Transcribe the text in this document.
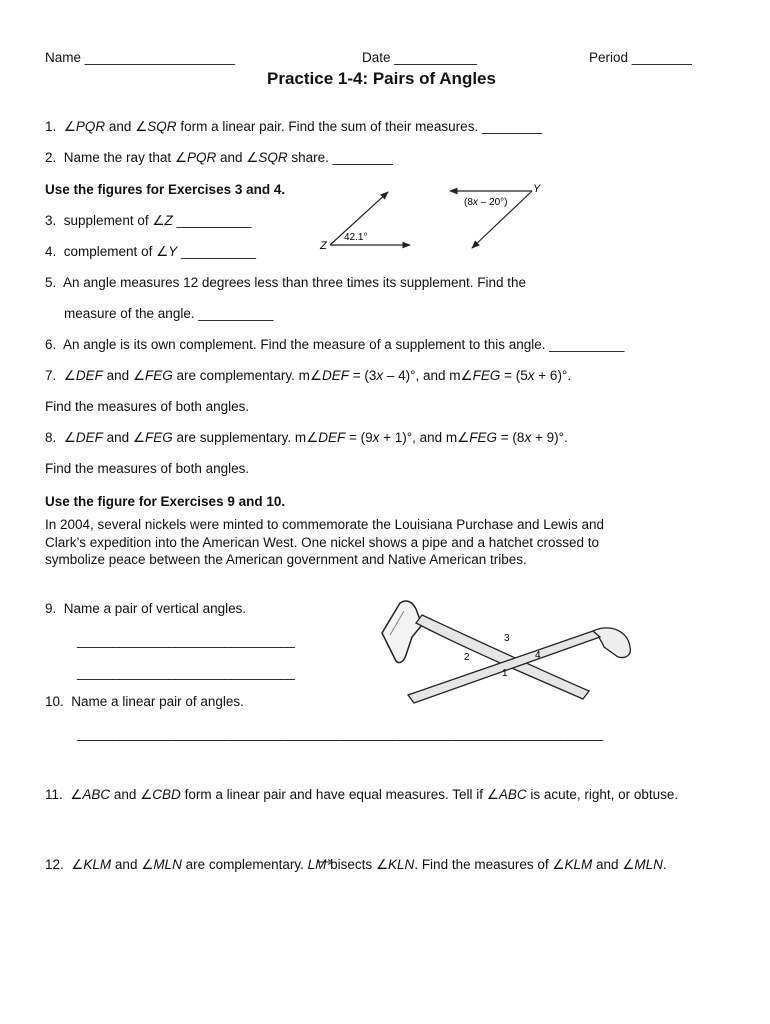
Name ____________________	Date ___________	Period ________
Practice 1-4: Pairs of Angles
1. ∠PQR and ∠SQR form a linear pair. Find the sum of their measures. ________
2. Name the ray that ∠PQR and ∠SQR share. ________
Use the figures for Exercises 3 and 4.
3. supplement of ∠Z __________
4. complement of ∠Y __________	Z
42.1°
Y
(8x – 20°)
5. An angle measures 12 degrees less than three times its supplement. Find the
measure of the angle. __________
6. An angle is its own complement. Find the measure of a supplement to this angle. __________
7. ∠DEF and ∠FEG are complementary. m∠DEF = (3x – 4)°, and m∠FEG = (5x + 6)°.
Find the measures of both angles.
8. ∠DEF and ∠FEG are supplementary. m∠DEF = (9x + 1)°, and m∠FEG = (8x + 9)°.
Find the measures of both angles.
Use the figure for Exercises 9 and 10.
In 2004, several nickels were minted to commemorate the Louisiana Purchase and Lewis and Clark’s expedition into the American West. One nickel shows a pipe and a hatchet crossed to symbolize peace between the American government and Native American tribes.
9. Name a pair of vertical angles.
_______________________________
_______________________________	1
2
3
4
10. Name a linear pair of angles.
___________________________________________________________________________
11. ∠ABC and ∠CBD form a linear pair and have equal measures. Tell if ∠ABC is acute, right, or obtuse.
12. ∠KLM and ∠MLN are complementary. LM bisects ∠KLN. Find the measures of ∠KLM and ∠MLN.
